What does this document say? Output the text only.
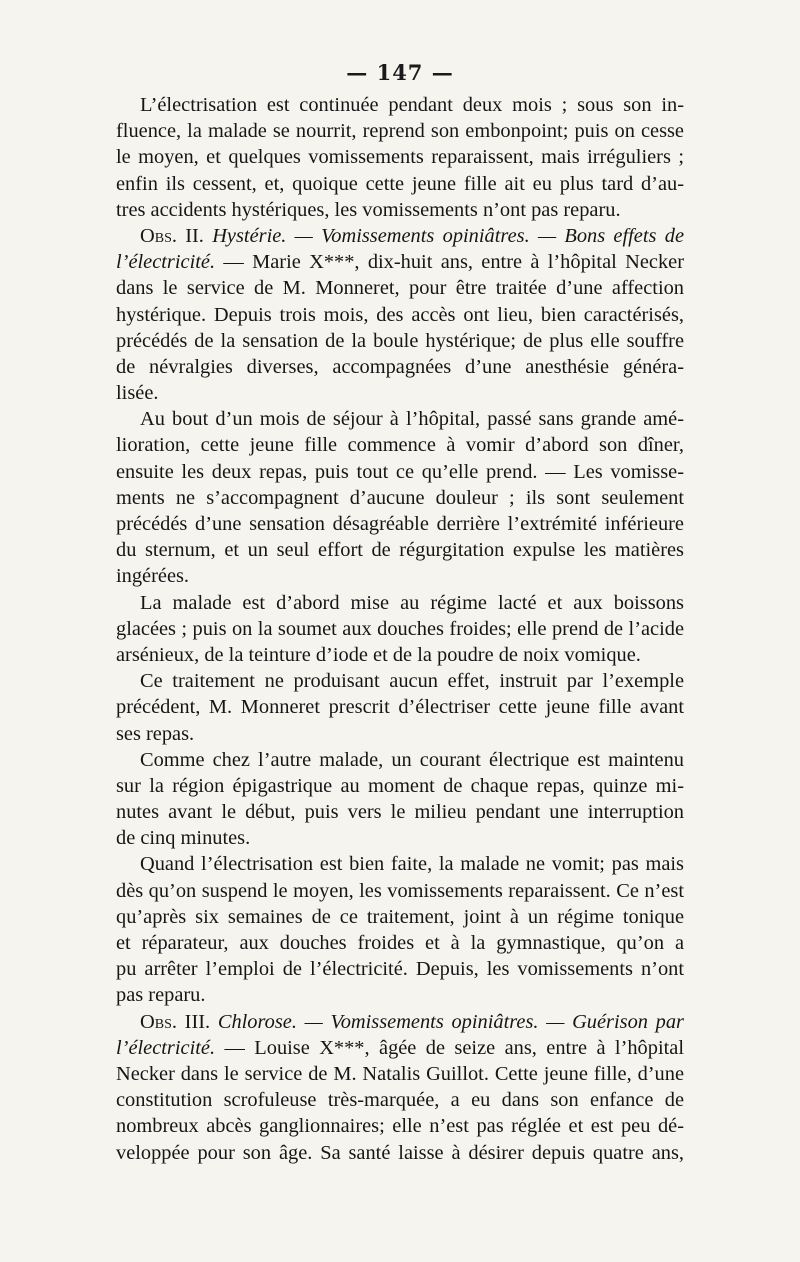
— 147 —
L’électrisation est continuée pendant deux mois ; sous son in-
fluence, la malade se nourrit, reprend son embonpoint; puis on cesse
le moyen, et quelques vomissements reparaissent, mais irréguliers ;
enfin ils cessent, et, quoique cette jeune fille ait eu plus tard d’au-
tres accidents hystériques, les vomissements n’ont pas reparu.
Obs. II. Hystérie. — Vomissements opiniâtres. — Bons effets de
l’électricité. — Marie X***, dix-huit ans, entre à l’hôpital Necker
dans le service de M. Monneret, pour être traitée d’une affection
hystérique. Depuis trois mois, des accès ont lieu, bien caractérisés,
précédés de la sensation de la boule hystérique; de plus elle souffre
de névralgies diverses, accompagnées d’une anesthésie généra-
lisée.
Au bout d’un mois de séjour à l’hôpital, passé sans grande amé-
lioration, cette jeune fille commence à vomir d’abord son dîner,
ensuite les deux repas, puis tout ce qu’elle prend. — Les vomisse-
ments ne s’accompagnent d’aucune douleur ; ils sont seulement
précédés d’une sensation désagréable derrière l’extrémité inférieure
du sternum, et un seul effort de régurgitation expulse les matières
ingérées.
La malade est d’abord mise au régime lacté et aux boissons
glacées ; puis on la soumet aux douches froides; elle prend de l’acide
arsénieux, de la teinture d’iode et de la poudre de noix vomique.
Ce traitement ne produisant aucun effet, instruit par l’exemple
précédent, M. Monneret prescrit d’électriser cette jeune fille avant
ses repas.
Comme chez l’autre malade, un courant électrique est maintenu
sur la région épigastrique au moment de chaque repas, quinze mi-
nutes avant le début, puis vers le milieu pendant une interruption
de cinq minutes.
Quand l’électrisation est bien faite, la malade ne vomit; pas mais
dès qu’on suspend le moyen, les vomissements reparaissent. Ce n’est
qu’après six semaines de ce traitement, joint à un régime tonique
et réparateur, aux douches froides et à la gymnastique, qu’on a
pu arrêter l’emploi de l’électricité. Depuis, les vomissements n’ont
pas reparu.
Obs. III. Chlorose. — Vomissements opiniâtres. — Guérison par
l’électricité. — Louise X***, âgée de seize ans, entre à l’hôpital
Necker dans le service de M. Natalis Guillot. Cette jeune fille, d’une
constitution scrofuleuse très-marquée, a eu dans son enfance de
nombreux abcès ganglionnaires; elle n’est pas réglée et est peu dé-
veloppée pour son âge. Sa santé laisse à désirer depuis quatre ans,
